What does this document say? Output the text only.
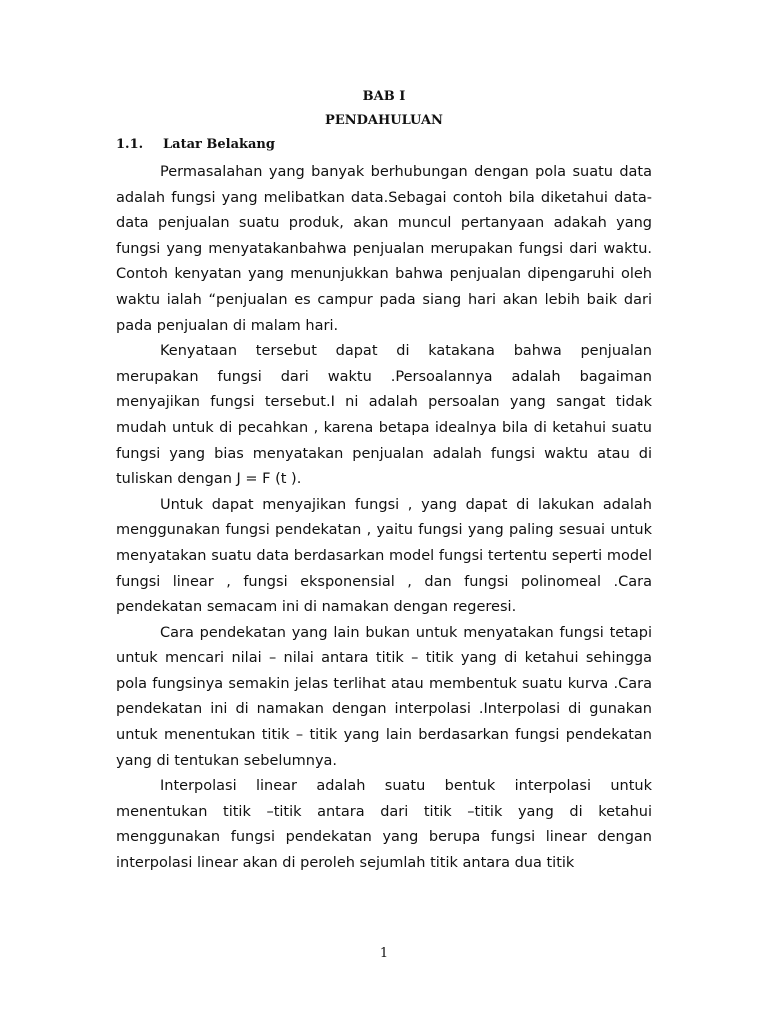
BAB I
PENDAHULUAN
1.1. Latar Belakang

Permasalahan yang banyak berhubungan dengan pola suatu data adalah fungsi yang melibatkan data.Sebagai contoh bila diketahui data-data penjualan suatu produk, akan muncul pertanyaan adakah yang fungsi yang menyatakanbahwa penjualan merupakan fungsi dari waktu. Contoh kenyatan yang menunjukkan bahwa penjualan dipengaruhi oleh waktu ialah “penjualan es campur pada siang hari akan lebih baik dari pada penjualan di malam hari.

Kenyataan tersebut dapat di katakana bahwa penjualan merupakan fungsi dari waktu .Persoalannya adalah bagaiman menyajikan fungsi tersebut.I ni adalah persoalan yang sangat tidak mudah untuk di pecahkan , karena betapa idealnya bila di ketahui suatu fungsi yang bias menyatakan penjualan adalah fungsi waktu atau di tuliskan dengan J = F (t ).

Untuk dapat menyajikan fungsi , yang dapat di lakukan adalah menggunakan fungsi pendekatan , yaitu fungsi yang paling sesuai untuk menyatakan suatu data berdasarkan model fungsi tertentu seperti model fungsi linear , fungsi eksponensial , dan fungsi polinomeal .Cara pendekatan semacam ini di namakan dengan regeresi.

Cara pendekatan yang lain bukan untuk menyatakan fungsi tetapi untuk mencari nilai – nilai antara titik – titik yang di ketahui sehingga pola fungsinya semakin jelas terlihat atau membentuk suatu kurva .Cara pendekatan ini di namakan dengan interpolasi .Interpolasi di gunakan untuk menentukan titik – titik yang lain berdasarkan fungsi pendekatan yang di tentukan sebelumnya.

Interpolasi linear adalah suatu bentuk interpolasi untuk menentukan titik –titik antara dari titik –titik yang di ketahui menggunakan fungsi pendekatan yang berupa fungsi linear dengan interpolasi linear akan di peroleh sejumlah titik antara dua titik

1
